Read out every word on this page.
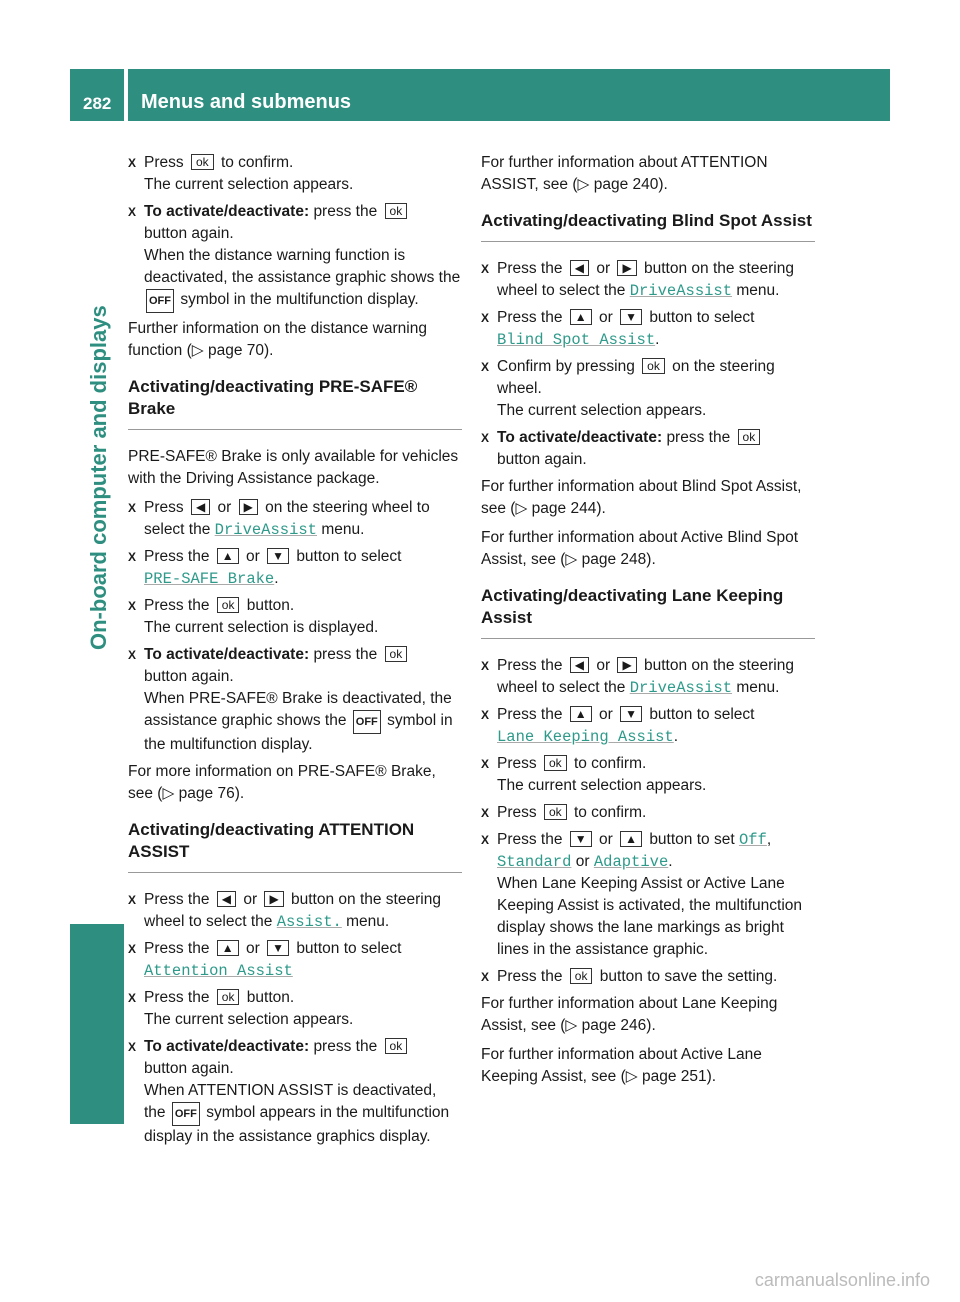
282 Menus and submenus
On-board computer and displays
X Press ok to confirm.
The current selection appears.
X To activate/deactivate: press the ok
button again.
When the distance warning function is deactivated, the assistance graphic shows the OFF symbol in the multifunction display.

Further information on the distance warning function (▷ page 70).

Activating/deactivating PRE-SAFE® Brake

PRE-SAFE® Brake is only available for vehicles with the Driving Assistance package.

X Press ◀ or ▶ on the steering wheel to select the DriveAssist menu.
X Press the ▲ or ▼ button to select
PRE-SAFE Brake.
X Press the ok button.
The current selection is displayed.
X To activate/deactivate: press the ok
button again.
When PRE-SAFE® Brake is deactivated, the assistance graphic shows the OFF symbol in the multifunction display.

For more information on PRE-SAFE® Brake, see (▷ page 76).

Activating/deactivating ATTENTION ASSIST
X Press the ◀ or ▶ button on the steering wheel to select the Assist. menu.
X Press the ▲ or ▼ button to select
Attention Assist
X Press the ok button.
The current selection appears.
X To activate/deactivate: press the ok
button again.
When ATTENTION ASSIST is deactivated, the OFF symbol appears in the multifunction display in the assistance graphics display.

For further information about ATTENTION ASSIST, see (▷ page 240).

Activating/deactivating Blind Spot Assist
X Press the ◀ or ▶ button on the steering wheel to select the DriveAssist menu.
X Press the ▲ or ▼ button to select
Blind Spot Assist.
X Confirm by pressing ok on the steering wheel.
The current selection appears.
X To activate/deactivate: press the ok
button again.

For further information about Blind Spot Assist, see (▷ page 244).

For further information about Active Blind Spot Assist, see (▷ page 248).

Activating/deactivating Lane Keeping Assist
X Press the ◀ or ▶ button on the steering wheel to select the DriveAssist menu.
X Press the ▲ or ▼ button to select
Lane Keeping Assist.
X Press ok to confirm.
The current selection appears.
X Press ok to confirm.
X Press the ▼ or ▲ button to set Off,
Standard or Adaptive.
When Lane Keeping Assist or Active Lane Keeping Assist is activated, the multifunction display shows the lane markings as bright lines in the assistance graphic.
X Press the ok button to save the setting.

For further information about Lane Keeping Assist, see (▷ page 246).

For further information about Active Lane Keeping Assist, see (▷ page 251).

carmanualsonline.info
